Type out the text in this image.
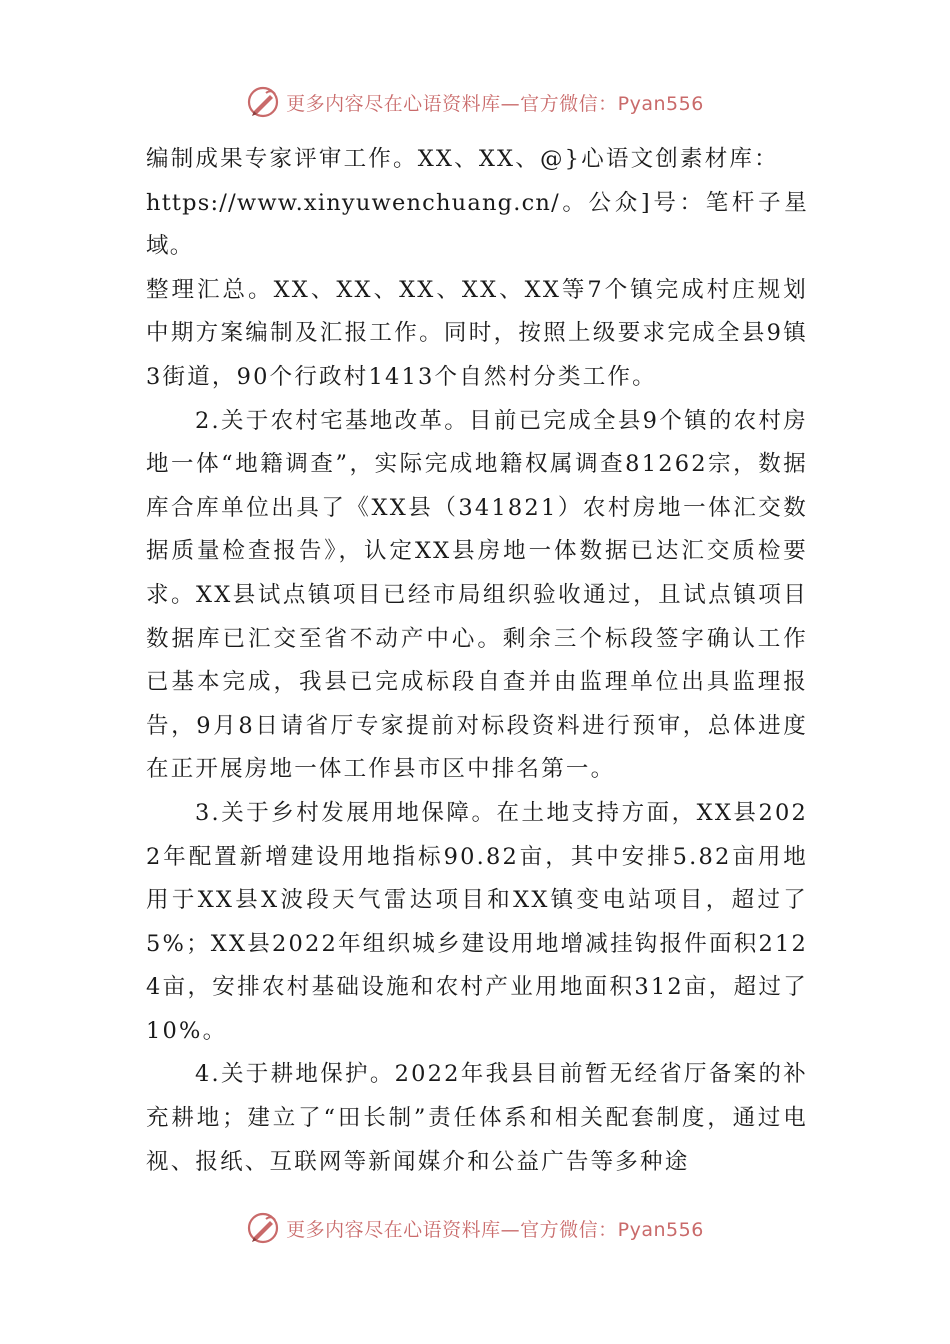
更多内容尽在心语资料库—官方微信：Pyan556

编制成果专家评审工作。XX、XX、@}心语文创素材库：

https://www.xinyuwenchuang.cn/。公众]号：笔杆子星域。

整理汇总。XX、XX、XX、XX、XX等7个镇完成村庄规划中期方案编制及汇报工作。同时，按照上级要求完成全县9镇3街道，90个行政村1413个自然村分类工作。

2.关于农村宅基地改革。目前已完成全县9个镇的农村房地一体“地籍调查”，实际完成地籍权属调查81262宗，数据库合库单位出具了《XX县（341821）农村房地一体汇交数据质量检查报告》，认定XX县房地一体数据已达汇交质检要求。XX县试点镇项目已经市局组织验收通过，且试点镇项目数据库已汇交至省不动产中心。剩余三个标段签字确认工作已基本完成，我县已完成标段自查并由监理单位出具监理报告，9月8日请省厅专家提前对标段资料进行预审，总体进度在正开展房地一体工作县市区中排名第一。

3.关于乡村发展用地保障。在土地支持方面，XX县2022年配置新增建设用地指标90.82亩，其中安排5.82亩用地用于XX县X波段天气雷达项目和XX镇变电站项目，超过了5%；XX县2022年组织城乡建设用地增减挂钩报件面积2124亩，安排农村基础设施和农村产业用地面积312亩，超过了10%。

4.关于耕地保护。2022年我县目前暂无经省厅备案的补充耕地；建立了“田长制”责任体系和相关配套制度，通过电视、报纸、互联网等新闻媒介和公益广告等多种途

更多内容尽在心语资料库—官方微信：Pyan556
